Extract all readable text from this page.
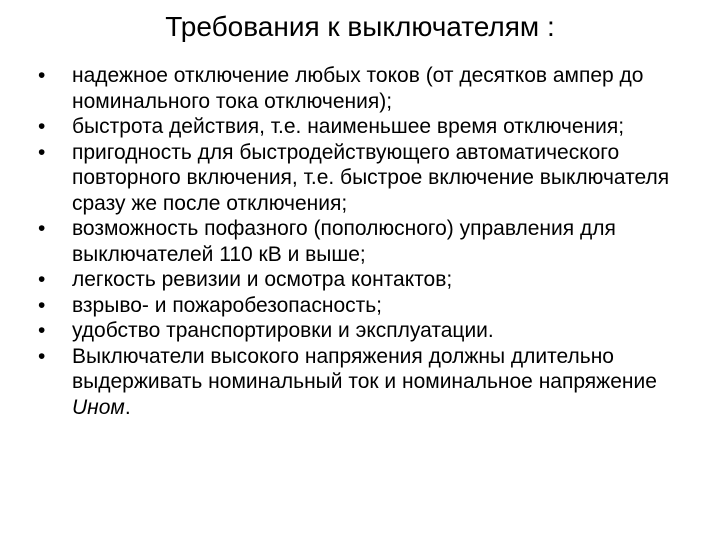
Требования к выключателям :
•	надежное отключение любых токов (от десятков ампер до номинального тока отключения);
•	быстрота действия, т.е. наименьшее время отключения;
•	пригодность для быстродействующего автоматического повторного включения, т.е. быстрое включение выключателя сразу же после отключения;
•	возможность пофазного (пополюсного) управления для выключателей 110 кВ и выше;
•	легкость ревизии и осмотра контактов;
•	взрыво- и пожаробезопасность;
•	удобство транспортировки и эксплуатации.
•	Выключатели высокого напряжения должны длительно выдерживать номинальный ток и номинальное напряжение Uном.
